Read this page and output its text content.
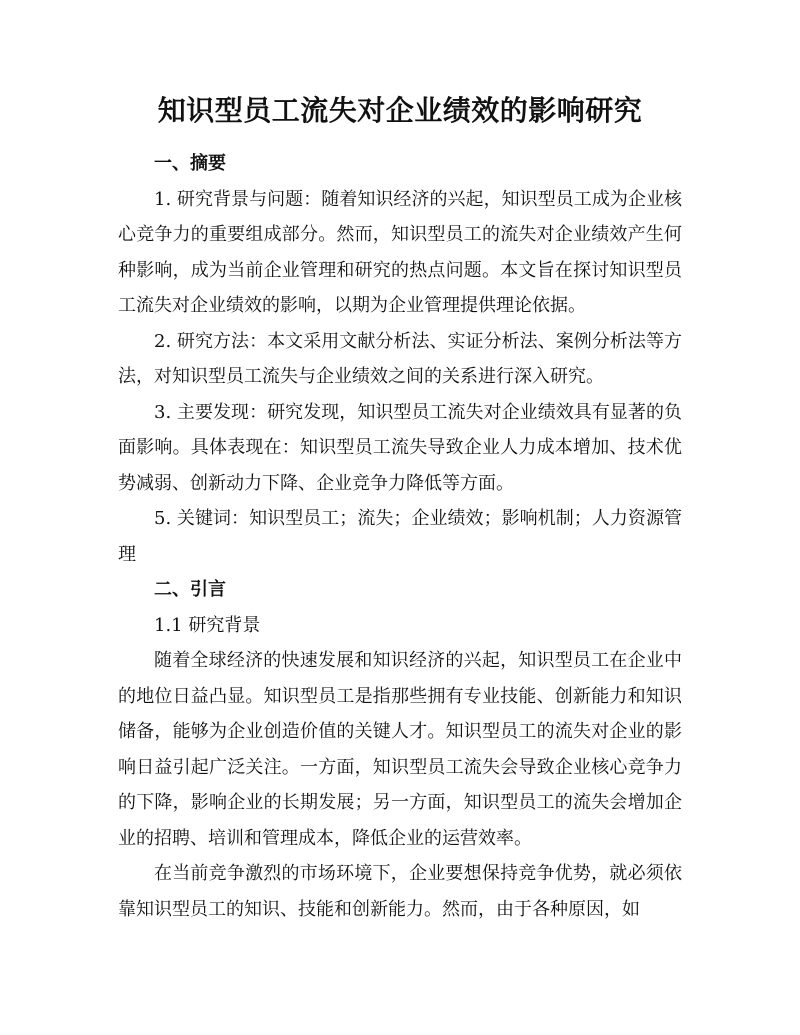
知识型员工流失对企业绩效的影响研究

一、摘要

1. 研究背景与问题：随着知识经济的兴起，知识型员工成为企业核心竞争力的重要组成部分。然而，知识型员工的流失对企业绩效产生何种影响，成为当前企业管理和研究的热点问题。本文旨在探讨知识型员工流失对企业绩效的影响，以期为企业管理提供理论依据。

2. 研究方法：本文采用文献分析法、实证分析法、案例分析法等方法，对知识型员工流失与企业绩效之间的关系进行深入研究。

3. 主要发现：研究发现，知识型员工流失对企业绩效具有显著的负面影响。具体表现在：知识型员工流失导致企业人力成本增加、技术优势减弱、创新动力下降、企业竞争力降低等方面。

5. 关键词：知识型员工；流失；企业绩效；影响机制；人力资源管理

二、引言

1.1 研究背景

随着全球经济的快速发展和知识经济的兴起，知识型员工在企业中的地位日益凸显。知识型员工是指那些拥有专业技能、创新能力和知识储备，能够为企业创造价值的关键人才。知识型员工的流失对企业的影响日益引起广泛关注。一方面，知识型员工流失会导致企业核心竞争力的下降，影响企业的长期发展；另一方面，知识型员工的流失会增加企业的招聘、培训和管理成本，降低企业的运营效率。

在当前竞争激烈的市场环境下，企业要想保持竞争优势，就必须依靠知识型员工的知识、技能和创新能力。然而，由于各种原因，如
